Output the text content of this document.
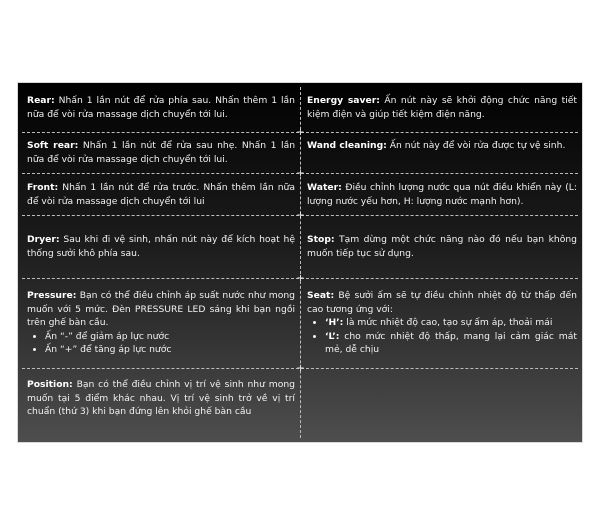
+
+
+
+
+
Rear: Nhấn 1 lần nút để rửa phía sau. Nhấn thêm 1 lần nữa để vòi rửa massage dịch chuyển tới lui.
Energy saver: Ấn nút này sẽ khởi động chức năng tiết kiệm điện và giúp tiết kiệm điện năng.
Soft rear: Nhấn 1 lần nút để rửa sau nhẹ. Nhấn 1 lần nữa để vòi rửa massage dịch chuyển tới lui.
Wand cleaning: Ấn nút này để vòi rửa được tự vệ sinh.
Front: Nhấn 1 lần nút để rửa trước. Nhấn thêm lần nữa để vòi rửa massage dịch chuyển tới lui
Water: Điều chỉnh lượng nước qua nút điều khiển này (L: lượng nước yếu hơn, H: lượng nước mạnh hơn).
Dryer: Sau khi đi vệ sinh, nhấn nút này để kích hoạt hệ thống sưởi khô phía sau.
Stop: Tạm dừng một chức năng nào đó nếu bạn không muốn tiếp tục sử dụng.
Pressure: Bạn có thể điều chỉnh áp suất nước như mong muốn với 5 mức. Đèn PRESSURE LED sáng khi bạn ngồi trên ghế bàn cầu.
• Ấn “-” để giảm áp lực nước
• Ấn “+” để tăng áp lực nước
Seat: Bệ sưởi ấm sẽ tự điều chỉnh nhiệt độ từ thấp đến cao tương ứng với:
• ‘H’: là mức nhiệt độ cao, tạo sự ấm áp, thoải mái
• ‘L’: cho mức nhiệt độ thấp, mang lại cảm giác mát mẻ, dễ chịu
Position: Bạn có thể điều chỉnh vị trí vệ sinh như mong muốn tại 5 điểm khác nhau. Vị trí vệ sinh trở về vị trí chuẩn (thứ 3) khi bạn đứng lên khỏi ghế bàn cầu
